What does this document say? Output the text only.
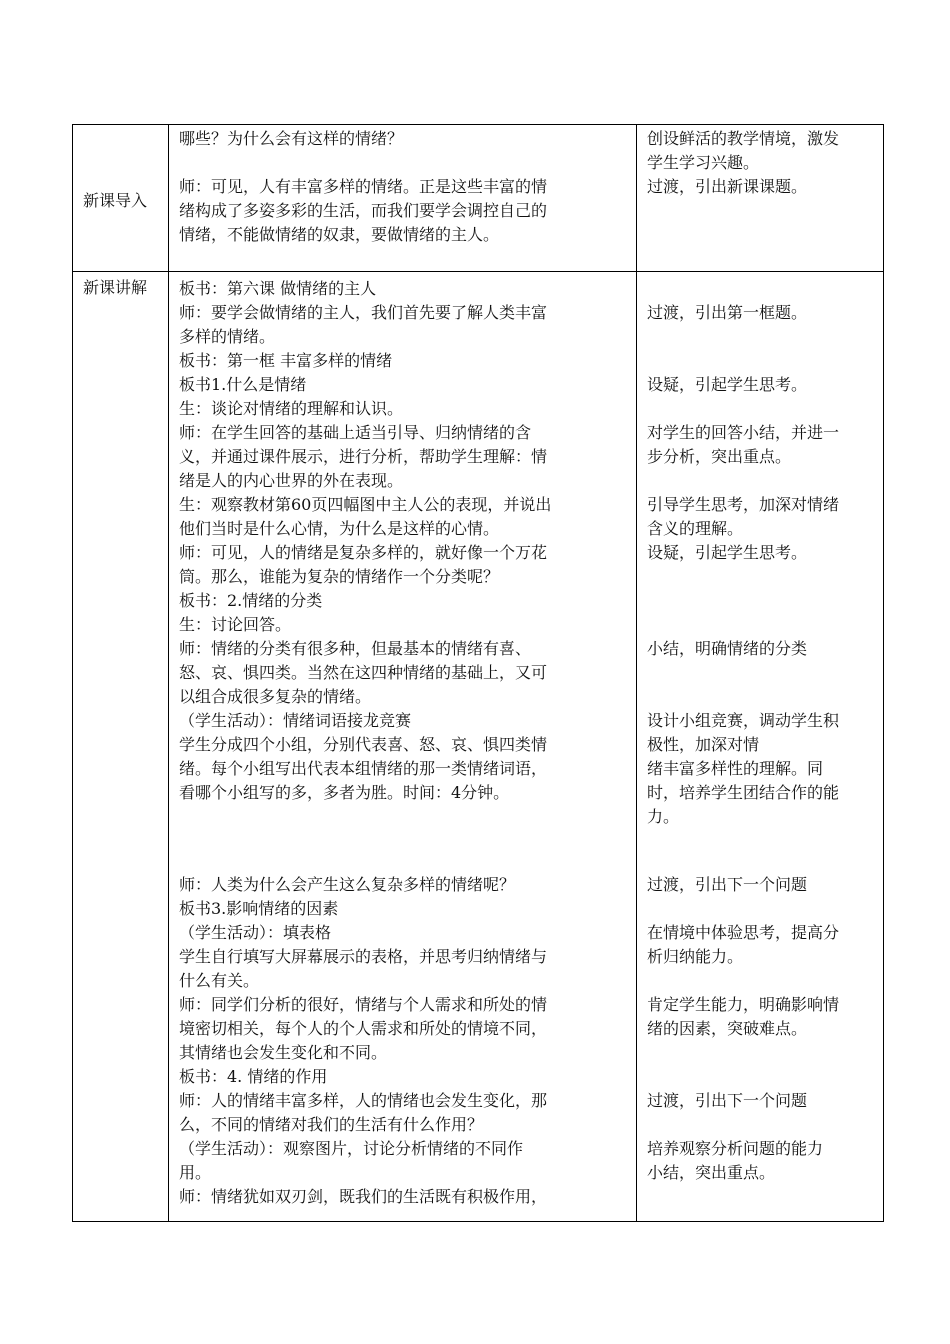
新课导入
哪些？为什么会有这样的情绪？
师：可见，人有丰富多样的情绪。正是这些丰富的情
绪构成了多姿多彩的生活，而我们要学会调控自己的
情绪，不能做情绪的奴隶，要做情绪的主人。
创设鲜活的教学情境，激发
学生学习兴趣。
过渡，引出新课课题。
新课讲解 板书：第六课 做情绪的主人
师：要学会做情绪的主人，我们首先要了解人类丰富
多样的情绪。
板书：第一框 丰富多样的情绪
板书1.什么是情绪
生：谈论对情绪的理解和认识。
师：在学生回答的基础上适当引导、归纳情绪的含
义，并通过课件展示，进行分析，帮助学生理解：情
绪是人的内心世界的外在表现。
生：观察教材第60页四幅图中主人公的表现，并说出
他们当时是什么心情，为什么是这样的心情。
师：可见，人的情绪是复杂多样的，就好像一个万花
筒。那么，谁能为复杂的情绪作一个分类呢？
板书：2.情绪的分类
生：讨论回答。
师：情绪的分类有很多种，但最基本的情绪有喜、
怒、哀、惧四类。当然在这四种情绪的基础上，又可
以组合成很多复杂的情绪。
（学生活动）：情绪词语接龙竞赛
学生分成四个小组，分别代表喜、怒、哀、惧四类情
绪。每个小组写出代表本组情绪的那一类情绪词语，
看哪个小组写的多，多者为胜。时间：4分钟。
师：人类为什么会产生这么复杂多样的情绪呢？
板书3.影响情绪的因素
（学生活动）：填表格
学生自行填写大屏幕展示的表格，并思考归纳情绪与
什么有关。
师：同学们分析的很好，情绪与个人需求和所处的情
境密切相关，每个人的个人需求和所处的情境不同，
其情绪也会发生变化和不同。
板书：4. 情绪的作用
师：人的情绪丰富多样，人的情绪也会发生变化，那
么，不同的情绪对我们的生活有什么作用？
（学生活动）：观察图片，讨论分析情绪的不同作
用。
师：情绪犹如双刃剑，既我们的生活既有积极作用，
过渡，引出第一框题。
设疑，引起学生思考。
对学生的回答小结，并进一
步分析，突出重点。
引导学生思考，加深对情绪
含义的理解。
设疑，引起学生思考。
小结，明确情绪的分类
设计小组竞赛，调动学生积
极性，加深对情
绪丰富多样性的理解。同
时，培养学生团结合作的能
力。
过渡，引出下一个问题
在情境中体验思考，提高分
析归纳能力。
肯定学生能力，明确影响情
绪的因素，突破难点。
过渡，引出下一个问题
培养观察分析问题的能力
小结，突出重点。
